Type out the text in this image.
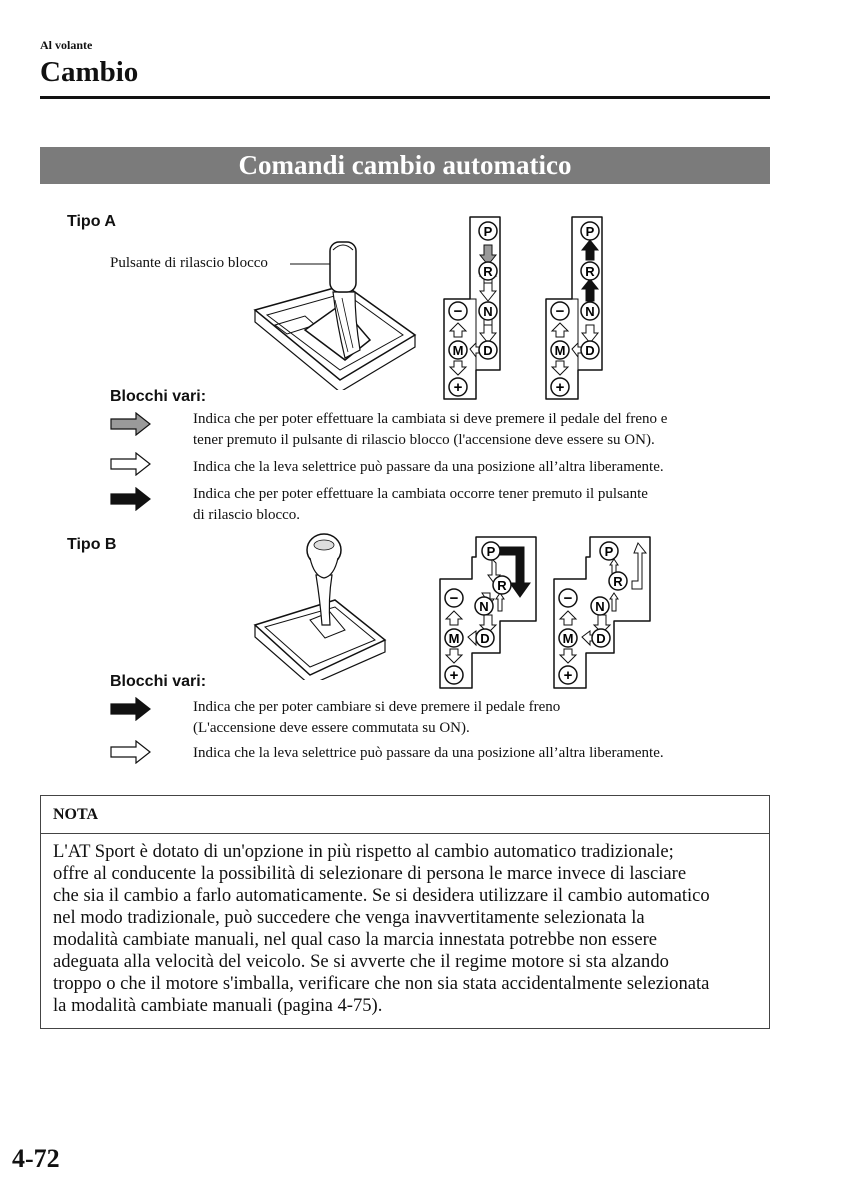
Al volante
Cambio
Comandi cambio automatico
Tipo A
Pulsante di rilascio blocco
P
R
N
D
M
−
+
P
R
N
D
M
−
+
Blocchi vari:
Indica che per poter effettuare la cambiata si deve premere il pedale del freno e
tener premuto il pulsante di rilascio blocco (l'accensione deve essere su ON).
Indica che la leva selettrice può passare da una posizione all’altra liberamente.
Indica che per poter effettuare la cambiata occorre tener premuto il pulsante
di rilascio blocco.
Tipo B	P
R
N
D
M
−
+
P
R
N
D
M
−
+
Blocchi vari:
Indica che per poter cambiare si deve premere il pedale freno
(L'accensione deve essere commutata su ON).
Indica che la leva selettrice può passare da una posizione all’altra liberamente.
NOTA
L'AT Sport è dotato di un'opzione in più rispetto al cambio automatico tradizionale;
offre al conducente la possibilità di selezionare di persona le marce invece di lasciare
che sia il cambio a farlo automaticamente. Se si desidera utilizzare il cambio automatico
nel modo tradizionale, può succedere che venga inavvertitamente selezionata la
modalità cambiate manuali, nel qual caso la marcia innestata potrebbe non essere
adeguata alla velocità del veicolo. Se si avverte che il regime motore si sta alzando
troppo o che il motore s'imballa, verificare che non sia stata accidentalmente selezionata
la modalità cambiate manuali (pagina 4-75).
4-72
